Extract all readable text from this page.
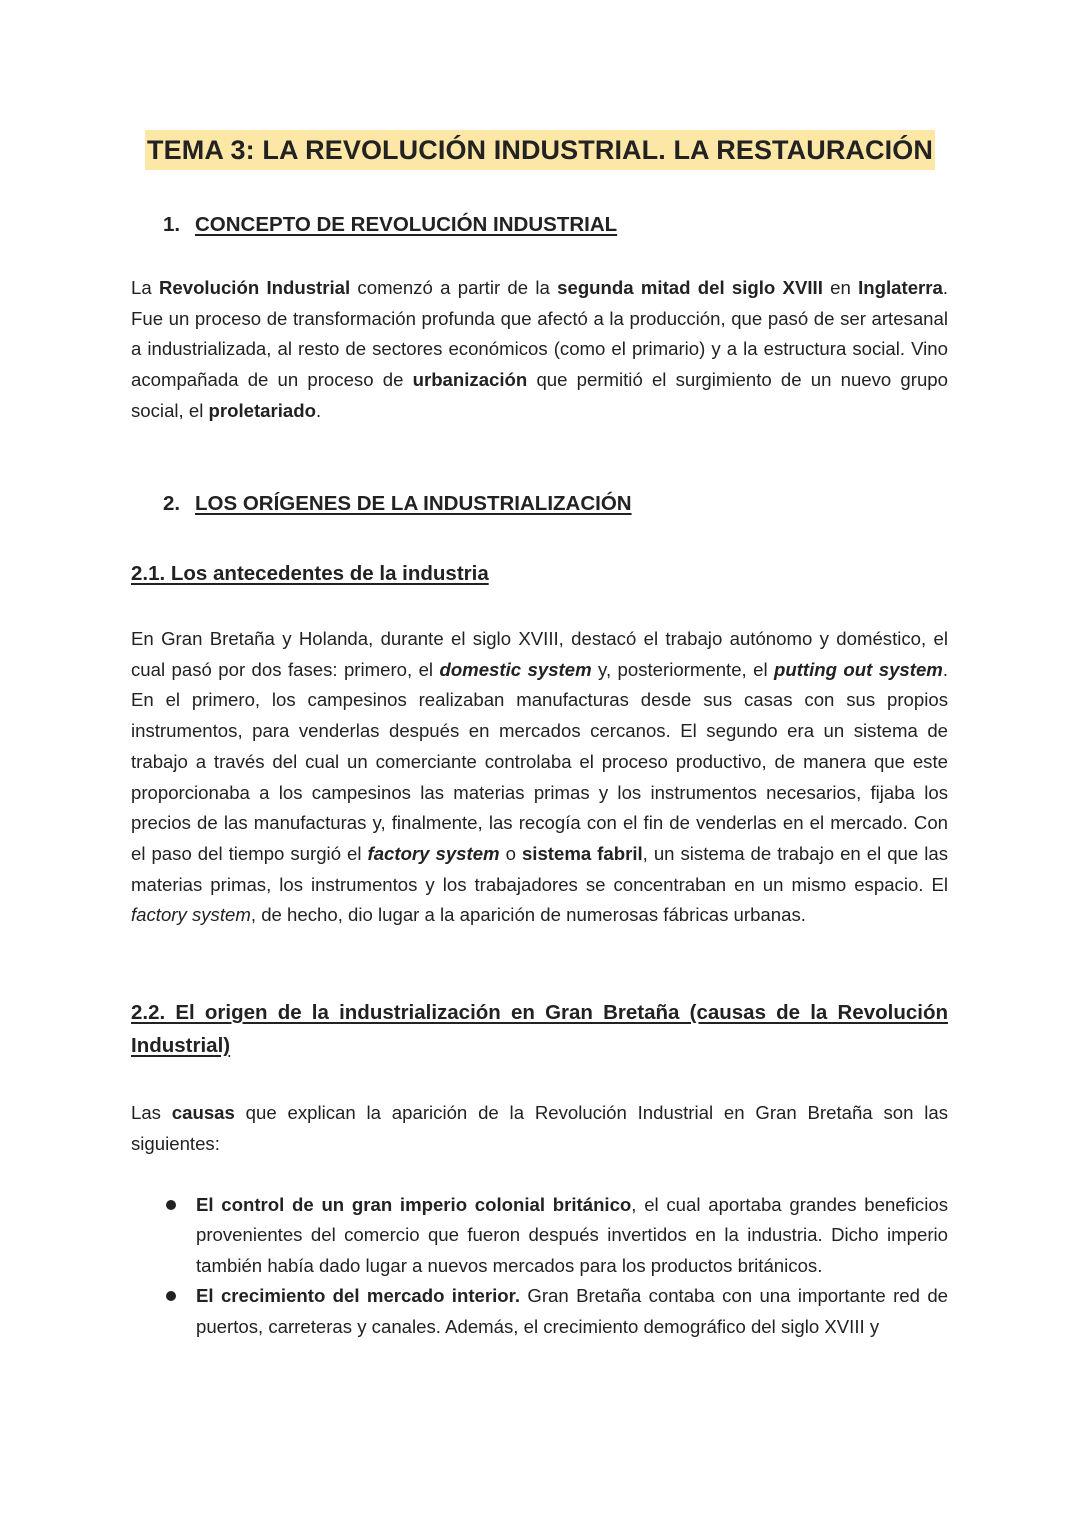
TEMA 3: LA REVOLUCIÓN INDUSTRIAL. LA RESTAURACIÓN
1. CONCEPTO DE REVOLUCIÓN INDUSTRIAL

La Revolución Industrial comenzó a partir de la segunda mitad del siglo XVIII en Inglaterra. Fue un proceso de transformación profunda que afectó a la producción, que pasó de ser artesanal a industrializada, al resto de sectores económicos (como el primario) y a la estructura social. Vino acompañada de un proceso de urbanización que permitió el surgimiento de un nuevo grupo social, el proletariado.

2. LOS ORÍGENES DE LA INDUSTRIALIZACIÓN
2.1. Los antecedentes de la industria

En Gran Bretaña y Holanda, durante el siglo XVIII, destacó el trabajo autónomo y doméstico, el cual pasó por dos fases: primero, el domestic system y, posteriormente, el putting out system. En el primero, los campesinos realizaban manufacturas desde sus casas con sus propios instrumentos, para venderlas después en mercados cercanos. El segundo era un sistema de trabajo a través del cual un comerciante controlaba el proceso productivo, de manera que este proporcionaba a los campesinos las materias primas y los instrumentos necesarios, fijaba los precios de las manufacturas y, finalmente, las recogía con el fin de venderlas en el mercado. Con el paso del tiempo surgió el factory system o sistema fabril, un sistema de trabajo en el que las materias primas, los instrumentos y los trabajadores se concentraban en un mismo espacio. El factory system, de hecho, dio lugar a la aparición de numerosas fábricas urbanas.

2.2. El origen de la industrialización en Gran Bretaña (causas de la Revolución Industrial)

Las causas que explican la aparición de la Revolución Industrial en Gran Bretaña son las siguientes:

El control de un gran imperio colonial británico, el cual aportaba grandes beneficios provenientes del comercio que fueron después invertidos en la industria. Dicho imperio también había dado lugar a nuevos mercados para los productos británicos.
El crecimiento del mercado interior. Gran Bretaña contaba con una importante red de puertos, carreteras y canales. Además, el crecimiento demográfico del siglo XVIII y
